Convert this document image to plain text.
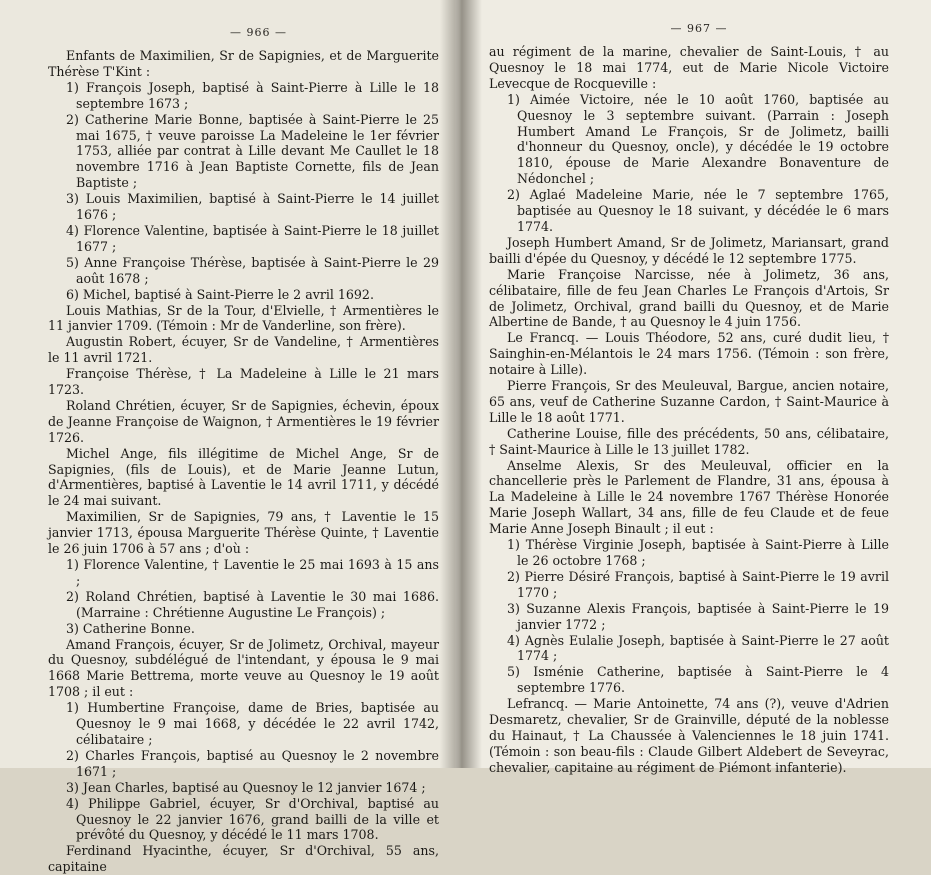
— 966 —

Enfants de Maximilien, Sr de Sapignies, et de Marguerite Thérèse T'Kint :

1) François Joseph, baptisé à Saint-Pierre à Lille le 18 septembre 1673 ;

2) Catherine Marie Bonne, baptisée à Saint-Pierre le 25 mai 1675, † veuve paroisse La Madeleine le 1er février 1753, alliée par contrat à Lille devant Me Caullet le 18 novembre 1716 à Jean Baptiste Cornette, fils de Jean Baptiste ;

3) Louis Maximilien, baptisé à Saint-Pierre le 14 juillet 1676 ;

4) Florence Valentine, baptisée à Saint-Pierre le 18 juillet 1677 ;

5) Anne Françoise Thérèse, baptisée à Saint-Pierre le 29 août 1678 ;

6) Michel, baptisé à Saint-Pierre le 2 avril 1692.

Louis Mathias, Sr de la Tour, d'Elvielle, † Armentières le 11 janvier 1709. (Témoin : Mr de Vanderline, son frère).

Augustin Robert, écuyer, Sr de Vandeline, † Armentières le 11 avril 1721.

Françoise Thérèse, † La Madeleine à Lille le 21 mars 1723.

Roland Chrétien, écuyer, Sr de Sapignies, échevin, époux de Jeanne Françoise de Waignon, † Armentières le 19 février 1726.

Michel Ange, fils illégitime de Michel Ange, Sr de Sapignies, (fils de Louis), et de Marie Jeanne Lutun, d'Armentières, baptisé à Laventie le 14 avril 1711, y décédé le 24 mai suivant.

Maximilien, Sr de Sapignies, 79 ans, † Laventie le 15 janvier 1713, épousa Marguerite Thérèse Quinte, † Laventie le 26 juin 1706 à 57 ans ; d'où :

1) Florence Valentine, † Laventie le 25 mai 1693 à 15 ans ;

2) Roland Chrétien, baptisé à Laventie le 30 mai 1686. (Marraine : Chrétienne Augustine Le François) ;

3) Catherine Bonne.

Amand François, écuyer, Sr de Jolimetz, Orchival, mayeur du Quesnoy, subdélégué de l'intendant, y épousa le 9 mai 1668 Marie Bettrema, morte veuve au Quesnoy le 19 août 1708 ; il eut :

1) Humbertine Françoise, dame de Bries, baptisée au Quesnoy le 9 mai 1668, y décédée le 22 avril 1742, célibataire ;

2) Charles François, baptisé au Quesnoy le 2 novembre 1671 ;

3) Jean Charles, baptisé au Quesnoy le 12 janvier 1674 ;

4) Philippe Gabriel, écuyer, Sr d'Orchival, baptisé au Quesnoy le 22 janvier 1676, grand bailli de la ville et prévôté du Quesnoy, y décédé le 11 mars 1708.

Ferdinand Hyacinthe, écuyer, Sr d'Orchival, 55 ans, capitaine

— 967 —

au régiment de la marine, chevalier de Saint-Louis, † au Quesnoy le 18 mai 1774, eut de Marie Nicole Victoire Levecque de Rocqueville :

1) Aimée Victoire, née le 10 août 1760, baptisée au Quesnoy le 3 septembre suivant. (Parrain : Joseph Humbert Amand Le François, Sr de Jolimetz, bailli d'honneur du Quesnoy, oncle), y décédée le 19 octobre 1810, épouse de Marie Alexandre Bonaventure de Nédonchel ;

2) Aglaé Madeleine Marie, née le 7 septembre 1765, baptisée au Quesnoy le 18 suivant, y décédée le 6 mars 1774.

Joseph Humbert Amand, Sr de Jolimetz, Mariansart, grand bailli d'épée du Quesnoy, y décédé le 12 septembre 1775.

Marie Françoise Narcisse, née à Jolimetz, 36 ans, célibataire, fille de feu Jean Charles Le François d'Artois, Sr de Jolimetz, Orchival, grand bailli du Quesnoy, et de Marie Albertine de Bande, † au Quesnoy le 4 juin 1756.

Le Francq. — Louis Théodore, 52 ans, curé dudit lieu, † Sainghin-en-Mélantois le 24 mars 1756. (Témoin : son frère, notaire à Lille).

Pierre François, Sr des Meuleuval, Bargue, ancien notaire, 65 ans, veuf de Catherine Suzanne Cardon, † Saint-Maurice à Lille le 18 août 1771.

Catherine Louise, fille des précédents, 50 ans, célibataire, † Saint-Maurice à Lille le 13 juillet 1782.

Anselme Alexis, Sr des Meuleuval, officier en la chancellerie près le Parlement de Flandre, 31 ans, épousa à La Madeleine à Lille le 24 novembre 1767 Thérèse Honorée Marie Joseph Wallart, 34 ans, fille de feu Claude et de feue Marie Anne Joseph Binault ; il eut :

1) Thérèse Virginie Joseph, baptisée à Saint-Pierre à Lille le 26 octobre 1768 ;

2) Pierre Désiré François, baptisé à Saint-Pierre le 19 avril 1770 ;

3) Suzanne Alexis François, baptisée à Saint-Pierre le 19 janvier 1772 ;

4) Agnès Eulalie Joseph, baptisée à Saint-Pierre le 27 août 1774 ;

5) Isménie Catherine, baptisée à Saint-Pierre le 4 septembre 1776.

Lefrancq. — Marie Antoinette, 74 ans (?), veuve d'Adrien Desmaretz, chevalier, Sr de Grainville, député de la noblesse du Hainaut, † La Chaussée à Valenciennes le 18 juin 1741. (Témoin : son beau-fils : Claude Gilbert Aldebert de Seveyrac, chevalier, capitaine au régiment de Piémont infanterie).
